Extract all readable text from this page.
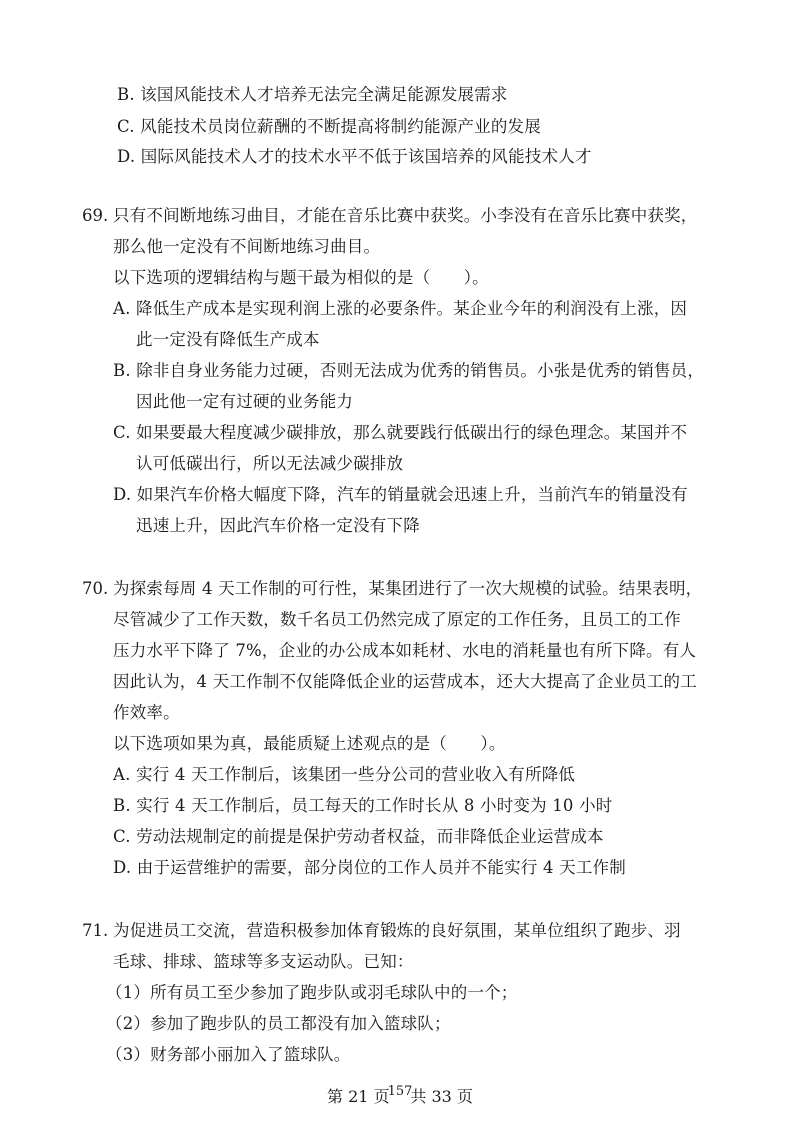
B. 该国风能技术人才培养无法完全满足能源发展需求
C. 风能技术员岗位薪酬的不断提高将制约能源产业的发展
D. 国际风能技术人才的技术水平不低于该国培养的风能技术人才
69. 只有不间断地练习曲目，才能在音乐比赛中获奖。小李没有在音乐比赛中获奖，
那么他一定没有不间断地练习曲目。
以下选项的逻辑结构与题干最为相似的是（　　）。
A. 降低生产成本是实现利润上涨的必要条件。某企业今年的利润没有上涨，因
此一定没有降低生产成本
B. 除非自身业务能力过硬，否则无法成为优秀的销售员。小张是优秀的销售员，
因此他一定有过硬的业务能力
C. 如果要最大程度减少碳排放，那么就要践行低碳出行的绿色理念。某国并不
认可低碳出行，所以无法减少碳排放
D. 如果汽车价格大幅度下降，汽车的销量就会迅速上升，当前汽车的销量没有
迅速上升，因此汽车价格一定没有下降
70. 为探索每周 4 天工作制的可行性，某集团进行了一次大规模的试验。结果表明，
尽管减少了工作天数，数千名员工仍然完成了原定的工作任务，且员工的工作
压力水平下降了 7%，企业的办公成本如耗材、水电的消耗量也有所下降。有人
因此认为，4 天工作制不仅能降低企业的运营成本，还大大提高了企业员工的工
作效率。
以下选项如果为真，最能质疑上述观点的是（　　）。
A. 实行 4 天工作制后，该集团一些分公司的营业收入有所降低
B. 实行 4 天工作制后，员工每天的工作时长从 8 小时变为 10 小时
C. 劳动法规制定的前提是保护劳动者权益，而非降低企业运营成本
D. 由于运营维护的需要，部分岗位的工作人员并不能实行 4 天工作制
71. 为促进员工交流，营造积极参加体育锻炼的良好氛围，某单位组织了跑步、羽
毛球、排球、篮球等多支运动队。已知：
（1）所有员工至少参加了跑步队或羽毛球队中的一个；
（2）参加了跑步队的员工都没有加入篮球队；
（3）财务部小丽加入了篮球队。
第 21 页$^{157}$共 33 页
